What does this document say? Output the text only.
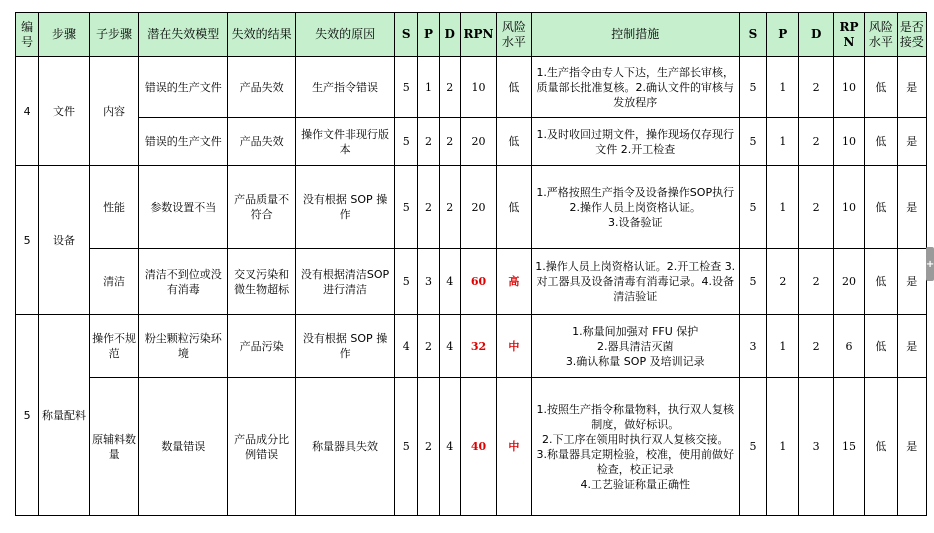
编号	步骤	子步骤	潜在失效模型	失效的结果	失效的原因	S	P	D	RPN	风险水平	控制措施	S	P	D	RPN	风险水平	是否接受
4	文件	内容	错误的生产文件	产品失效	生产指令错误	5	1	2	10	低	1.生产指令由专人下达，生产部长审核，质量部长批准复核。2.确认文件的审核与发放程序	5	1	2	10	低	是
			错误的生产文件	产品失效	操作文件非现行版本	5	2	2	20	低	1.及时收回过期文件，操作现场仅存现行文件 2.开工检查	5	1	2	10	低	是
5	设备	性能	参数设置不当	产品质量不符合	没有根据 SOP 操作	5	2	2	20	低	1.严格按照生产指令及设备操作SOP执行
2.操作人员上岗资格认证。
3.设备验证	5	1	2	10	低	是
		清洁	清洁不到位或没有消毒	交叉污染和微生物超标	没有根据清洁SOP 进行清洁	5	3	4	60	高	1.操作人员上岗资格认证。2.开工检查 3.对工器具及设备清毒有消毒记录。4.设备清洁验证	5	2	2	20	低	是
5	称量配料	操作不规范	粉尘颗粒污染环境	产品污染	没有根据 SOP 操作	4	2	4	32	中	1.称量间加强对 FFU 保护
2.器具清洁灭菌
3.确认称量 SOP 及培训记录	3	1	2	6	低	是
		原辅料数量	数量错误	产品成分比例错误	称量器具失效	5	2	4	40	中	1.按照生产指令称量物料，执行双人复核制度，做好标识。
2.下工序在领用时执行双人复核交接。
3.称量器具定期检验，校准，使用前做好检查，校正记录
4.工艺验证称量正确性	5	1	3	15	低	是
+
